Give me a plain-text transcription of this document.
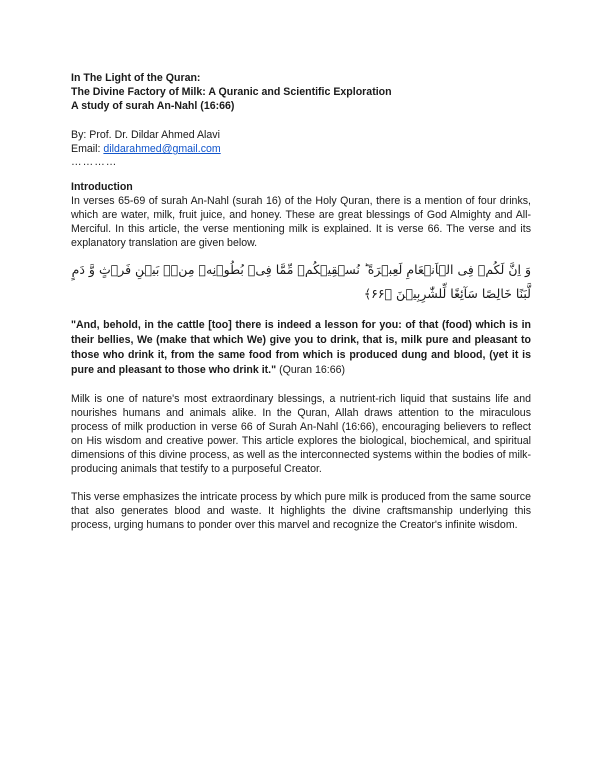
In The Light of the Quran:

The Divine Factory of Milk: A Quranic and Scientific Exploration

A study of surah An-Nahl (16:66)

By: Prof. Dr. Dildar Ahmed Alavi

Email: dildarahmed@gmail.com

…………

Introduction

In verses 65-69 of surah An-Nahl (surah 16) of the Holy Quran, there is a mention of four drinks, which are water, milk, fruit juice, and honey. These are great blessings of God Almighty and All-Merciful. In this article, the verse mentioning milk is explained. It is verse 66. The verse and its explanatory translation are given below.

وَ اِنَّ لَكُمۡ فِى الۡاَنۡعَامِ لَعِبۡرَةً ؕ نُسۡقِيۡكُمۡ مِّمَّا فِىۡ بُطُوۡنِهٖ مِنۡۢ بَيۡنِ فَرۡثٍ وَّ دَمٍ لَّبَنًا خَالِصًا سَآئِغًا لِّلشّٰرِبِيۡنَ ﴿۶۶﴾

"And, behold, in the cattle [too] there is indeed a lesson for you: of that (food) which is in their bellies, We (make that which We) give you to drink, that is, milk pure and pleasant to those who drink it, from the same food from which is produced dung and blood, (yet it is pure and pleasant to those who drink it." (Quran 16:66)

Milk is one of nature's most extraordinary blessings, a nutrient-rich liquid that sustains life and nourishes humans and animals alike. In the Quran, Allah draws attention to the miraculous process of milk production in verse 66 of Surah An-Nahl (16:66), encouraging believers to reflect on His wisdom and creative power. This article explores the biological, biochemical, and spiritual dimensions of this divine process, as well as the interconnected systems within the bodies of milk-producing animals that testify to a purposeful Creator.

This verse emphasizes the intricate process by which pure milk is produced from the same source that also generates blood and waste. It highlights the divine craftsmanship underlying this process, urging humans to ponder over this marvel and recognize the Creator's infinite wisdom.
